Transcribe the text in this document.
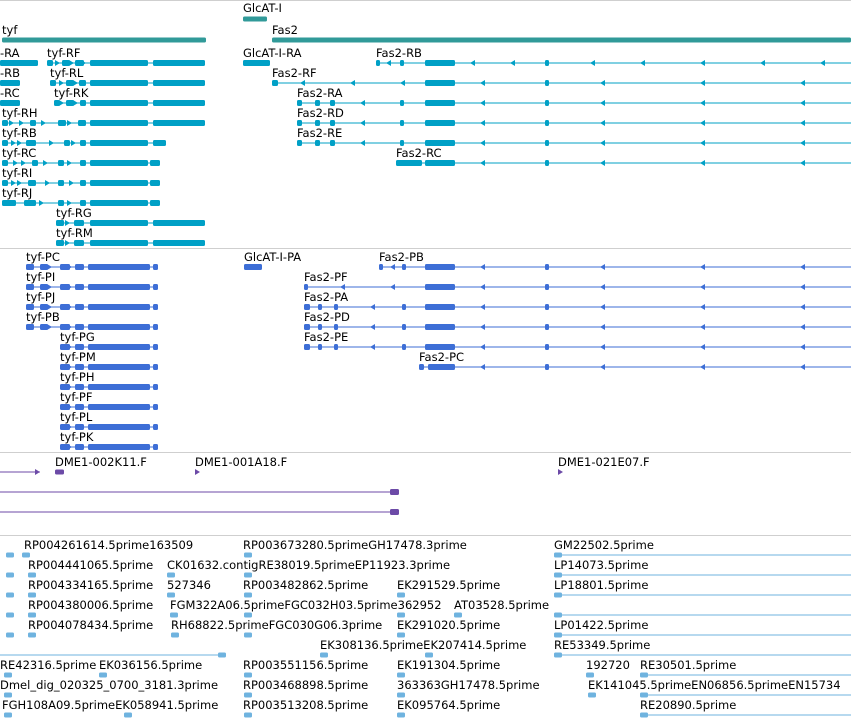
GlcAT-I
tyf	Fas2
-RA tyf-RF	GlcAT-I-RA	Fas2-RB
-RB	tyf-RL	Fas2-RF
-RC	tyf-RK	Fas2-RA
tyf-RH	Fas2-RD
tyf-RB	Fas2-RE
tyf-RC	Fas2-RC
tyf-RI
tyf-RJ
tyf-RG
tyf-RM
tyf-PC	GlcAT-I-PA	Fas2-PB
tyf-PI	Fas2-PF
tyf-PJ	Fas2-PA
tyf-PB	Fas2-PD
tyf-PG	Fas2-PE
tyf-PM	Fas2-PC
tyf-PH
tyf-PF
tyf-PL
tyf-PK
DME1-002K11.F	DME1-001A18.F	DME1-021E07.F
RP004261614.5prime163509	RP003673280.5primeGH17478.3prime	GM22502.5prime
RP004441065.5prime CK01632.contigRE38019.5primeEP11923.3prime	LP14073.5prime
RP004334165.5prime 527346	RP003482862.5prime	EK291529.5prime	LP18801.5prime
RP004380006.5prime FGM322A06.5primeFGC032H03.5prime362952 AT03528.5prime
RP004078434.5prime RH68822.5primeFGC030G06.3prime EK291020.5prime	LP01422.5prime
EK308136.5primeEK207414.5prime RE53349.5prime
RE42316.5prime EK036156.5prime	RP003551156.5prime	EK191304.5prime	192720 RE30501.5prime
Dmel_dig_020325_0700_3181.3prime RP003468898.5prime	363363GH17478.5prime	EK141045.5primeEN06856.5primeEN15734
FGH108A09.5primeEK058941.5prime RP003513208.5prime	EK095764.5prime	RE20890.5prime
